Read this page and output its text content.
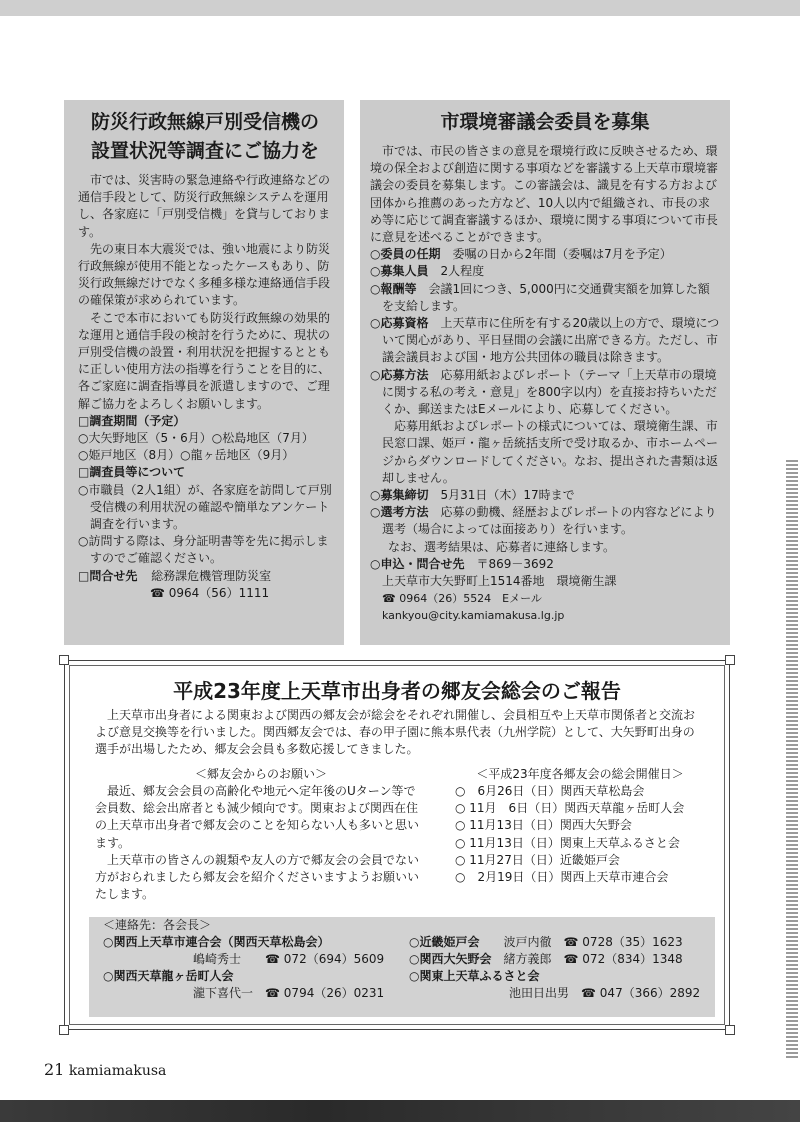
防災行政無線戸別受信機の
設置状況等調査にご協力を

市では、災害時の緊急連絡や行政連絡などの通信手段として、防災行政無線システムを運用し、各家庭に「戸別受信機」を貸与しております。

先の東日本大震災では、強い地震により防災行政無線が使用不能となったケースもあり、防災行政無線だけでなく多種多様な連絡通信手段の確保策が求められています。

そこで本市においても防災行政無線の効果的な運用と通信手段の検討を行うために、現状の戸別受信機の設置・利用状況を把握するとともに正しい使用方法の指導を行うことを目的に、各ご家庭に調査指導員を派遣しますので、ご理解ご協力をよろしくお願いします。

□調査期間（予定）

○大矢野地区（5・6月）○松島地区（7月）

○姫戸地区（8月）○龍ヶ岳地区（9月）

□調査員等について

○市職員（2人1組）が、各家庭を訪問して戸別受信機の利用状況の確認や簡単なアンケート調査を行います。

○訪問する際は、身分証明書等を先に掲示しますのでご確認ください。

□問合せ先 総務課危機管理防災室

☎ 0964（56）1111

市環境審議会委員を募集

市では、市民の皆さまの意見を環境行政に反映させるため、環境の保全および創造に関する事項などを審議する上天草市環境審議会の委員を募集します。この審議会は、識見を有する方および団体から推薦のあった方など、10人以内で組織され、市長の求め等に応じて調査審議するほか、環境に関する事項について市長に意見を述べることができます。

○委員の任期　 委嘱の日から2年間（委嘱は7月を予定）

○募集人員　 2人程度

○報酬等　 会議1回につき、5,000円に交通費実額を加算した額を支給します。

○応募資格　 上天草市に住所を有する20歳以上の方で、環境について関心があり、平日昼間の会議に出席できる方。ただし、市議会議員および国・地方公共団体の職員は除きます。

○応募方法　 応募用紙およびレポート（テーマ「上天草市の環境に関する私の考え・意見」を800字以内）を直接お持ちいただくか、郵送またはEメールにより、応募してください。

応募用紙およびレポートの様式については、環境衛生課、市民窓口課、姫戸・龍ヶ岳統括支所で受け取るか、市ホームページからダウンロードしてください。なお、提出された書類は返却しません。

○募集締切　 5月31日（木）17時まで

○選考方法　 応募の動機、経歴およびレポートの内容などにより選考（場合によっては面接あり）を行います。

なお、選考結果は、応募者に連絡します。

○申込・問合せ先　 〒869－3692

上天草市大矢野町上1514番地　環境衛生課

☎ 0964（26）5524　Eメール kankyou@city.kamiamakusa.lg.jp

平成23年度上天草市出身者の郷友会総会のご報告

上天草市出身者による関東および関西の郷友会が総会をそれぞれ開催し、会員相互や上天草市関係者と交流および意見交換等を行いました。関西郷友会では、春の甲子園に熊本県代表（九州学院）として、大矢野町出身の選手が出場したため、郷友会会員も多数応援してきました。

＜郷友会からのお願い＞

最近、郷友会会員の高齢化や地元へ定年後のUターン等で会員数、総会出席者とも減少傾向です。関東および関西在住の上天草市出身者で郷友会のことを知らない人も多いと思います。

上天草市の皆さんの親類や友人の方で郷友会の会員でない方がおられましたら郷友会を紹介くださいますようお願いいたします。

＜平成23年度各郷友会の総会開催日＞

○　6月26日（日）関西天草松島会

○ 11月　6日（日）関西天草龍ヶ岳町人会

○ 11月13日（日）関西大矢野会

○ 11月13日（日）関東上天草ふるさと会

○ 11月27日（日）近畿姫戸会

○　2月19日（日）関西上天草市連合会

＜連絡先：各会長＞

○関西上天草市連合会（関西天草松島会）

嶋崎秀士　　 ☎ 072（694）5609

○関西天草龍ヶ岳町人会

瀧下喜代一　 ☎ 0794（26）0231

○近畿姫戸会　　 波戸内徹　 ☎ 0728（35）1623

○関西大矢野会　 緒方義郎　 ☎ 072（834）1348

○関東上天草ふるさと会

池田日出男　 ☎ 047（366）2892

21 kamiamakusa
